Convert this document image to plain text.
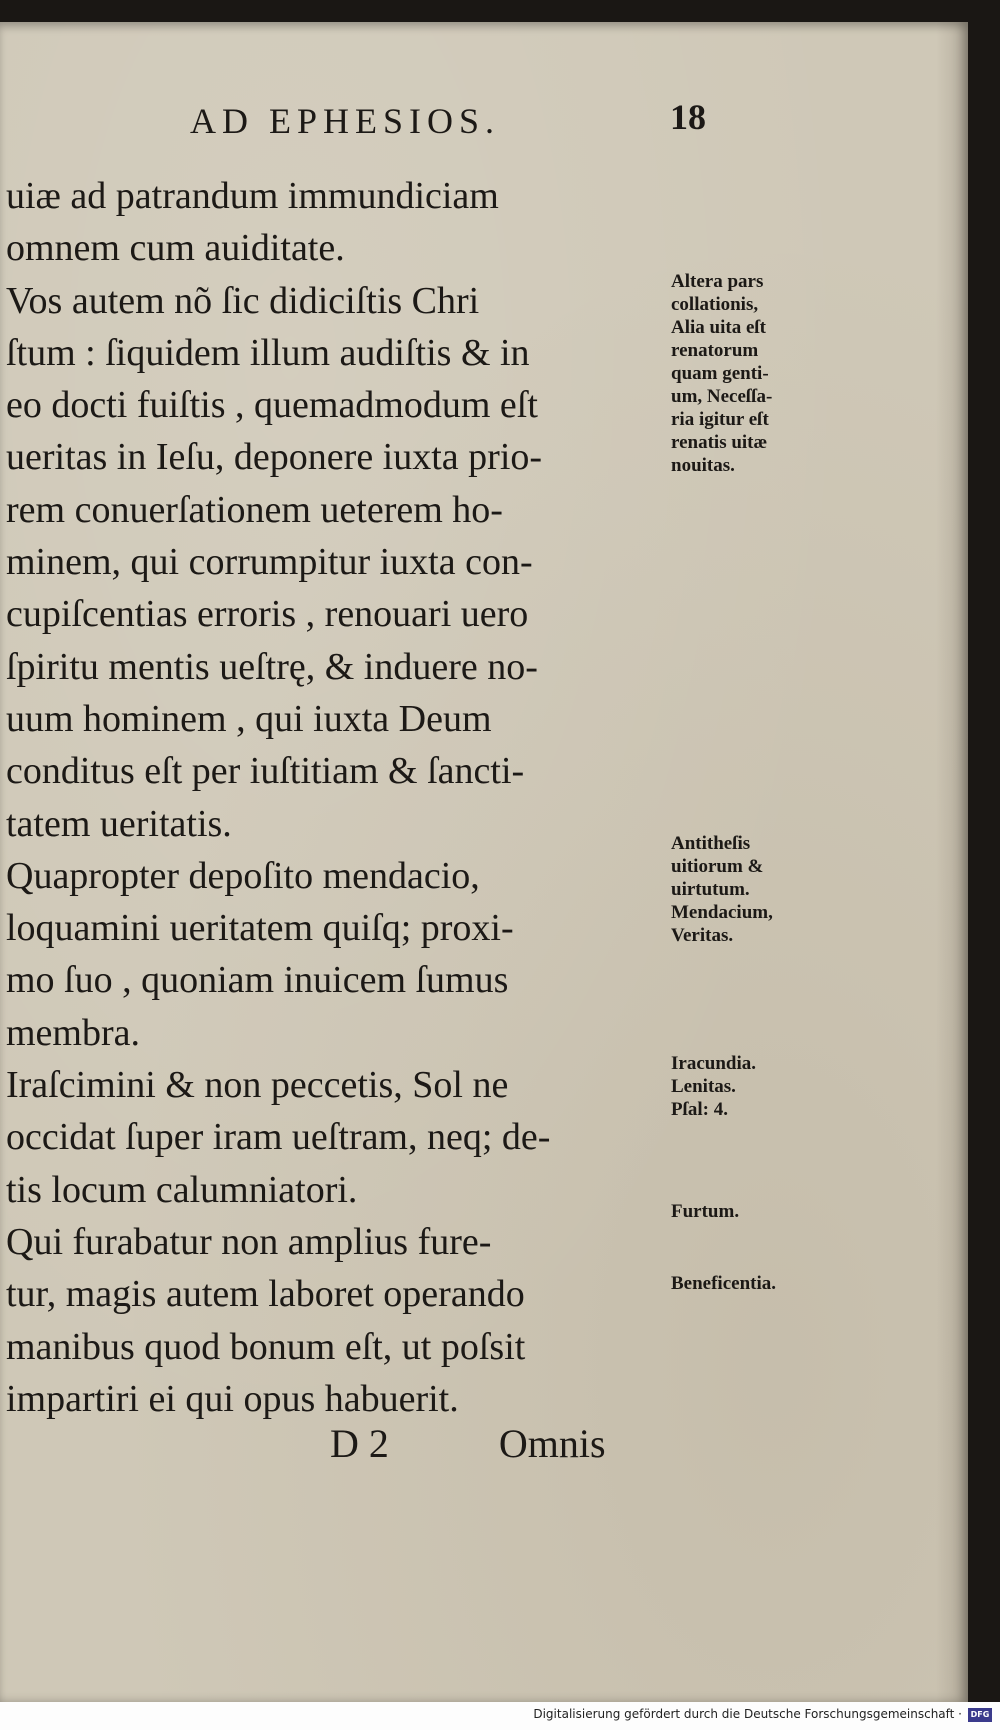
AD EPHESIOS.	18
uiæ ad patrandum immundiciam
omnem cum auiditate.
Vos autem nõ ſic didiciſtis Chri
ſtum : ſiquidem illum audiſtis & in
eo docti fuiſtis , quemadmodum eſt
ueritas in Ieſu, deponere iuxta prio-
rem conuerſationem ueterem ho-
minem, qui corrumpitur iuxta con-
cupiſcentias erroris , renouari uero
ſpiritu mentis ueſtrę, & induere no-
uum hominem , qui iuxta Deum
conditus eſt per iuſtitiam & ſancti-
tatem ueritatis.
Quapropter depoſito mendacio,
loquamini ueritatem quiſq; proxi-
mo ſuo , quoniam inuicem ſumus
membra.
Iraſcimini & non peccetis, Sol ne
occidat ſuper iram ueſtram, neq; de-
tis locum calumniatori.
Qui furabatur non amplius fure-
tur, magis autem laboret operando
manibus quod bonum eſt, ut poſsit
impartiri ei qui opus habuerit.
Altera pars
collationis,
Alia uita eſt
renatorum
quam genti-
um, Neceſſa-
ria igitur eſt
renatis uitæ
nouitas.
Antitheſis
uitiorum &
uirtutum.
Mendacium,
Veritas.
Iracundia.
Lenitas.
Pſal: 4.
Furtum.
Beneficentia.
D 2	Omnis
Digitalisierung gefördert durch die Deutsche Forschungsgemeinschaft ·	DFG
